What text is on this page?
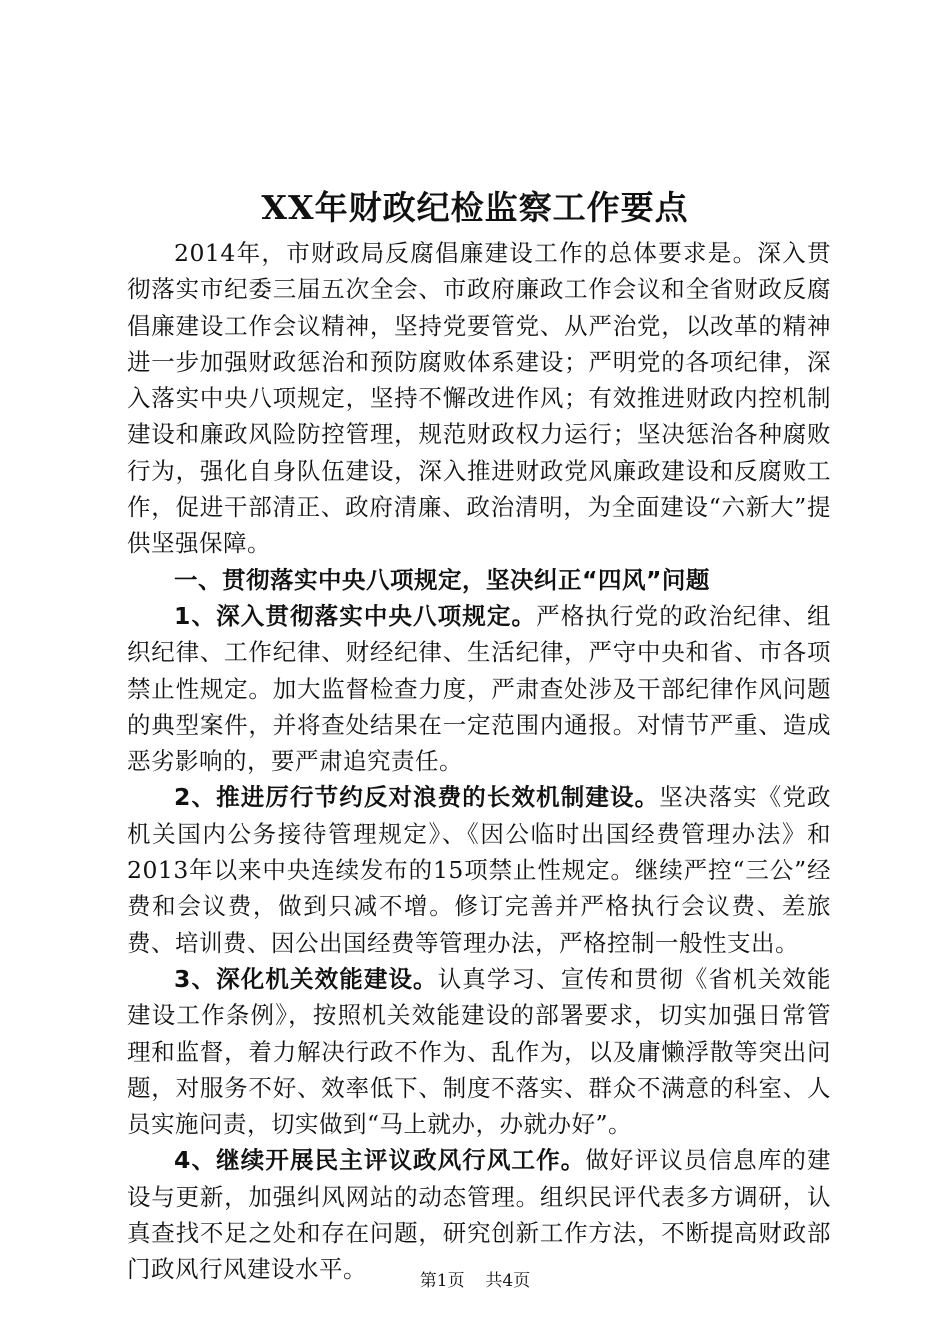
XX年财政纪检监察工作要点

2014年，市财政局反腐倡廉建设工作的总体要求是。深入贯彻落实市纪委三届五次全会、市政府廉政工作会议和全省财政反腐倡廉建设工作会议精神，坚持党要管党、从严治党，以改革的精神进一步加强财政惩治和预防腐败体系建设；严明党的各项纪律，深入落实中央八项规定，坚持不懈改进作风；有效推进财政内控机制建设和廉政风险防控管理，规范财政权力运行；坚决惩治各种腐败行为，强化自身队伍建设，深入推进财政党风廉政建设和反腐败工作，促进干部清正、政府清廉、政治清明，为全面建设“六新大”提供坚强保障。

一、贯彻落实中央八项规定，坚决纠正“四风”问题

1、深入贯彻落实中央八项规定。严格执行党的政治纪律、组织纪律、工作纪律、财经纪律、生活纪律，严守中央和省、市各项禁止性规定。加大监督检查力度，严肃查处涉及干部纪律作风问题的典型案件，并将查处结果在一定范围内通报。对情节严重、造成恶劣影响的，要严肃追究责任。

2、推进厉行节约反对浪费的长效机制建设。坚决落实《党政机关国内公务接待管理规定》、《因公临时出国经费管理办法》和2013年以来中央连续发布的15项禁止性规定。继续严控“三公”经费和会议费，做到只减不增。修订完善并严格执行会议费、差旅费、培训费、因公出国经费等管理办法，严格控制一般性支出。

3、深化机关效能建设。认真学习、宣传和贯彻《省机关效能建设工作条例》，按照机关效能建设的部署要求，切实加强日常管理和监督，着力解决行政不作为、乱作为，以及庸懒浮散等突出问题，对服务不好、效率低下、制度不落实、群众不满意的科室、人员实施问责，切实做到“马上就办，办就办好”。

4、继续开展民主评议政风行风工作。做好评议员信息库的建设与更新，加强纠风网站的动态管理。组织民评代表多方调研，认真查找不足之处和存在问题，研究创新工作方法，不断提高财政部门政风行风建设水平。	第1页 共4页
